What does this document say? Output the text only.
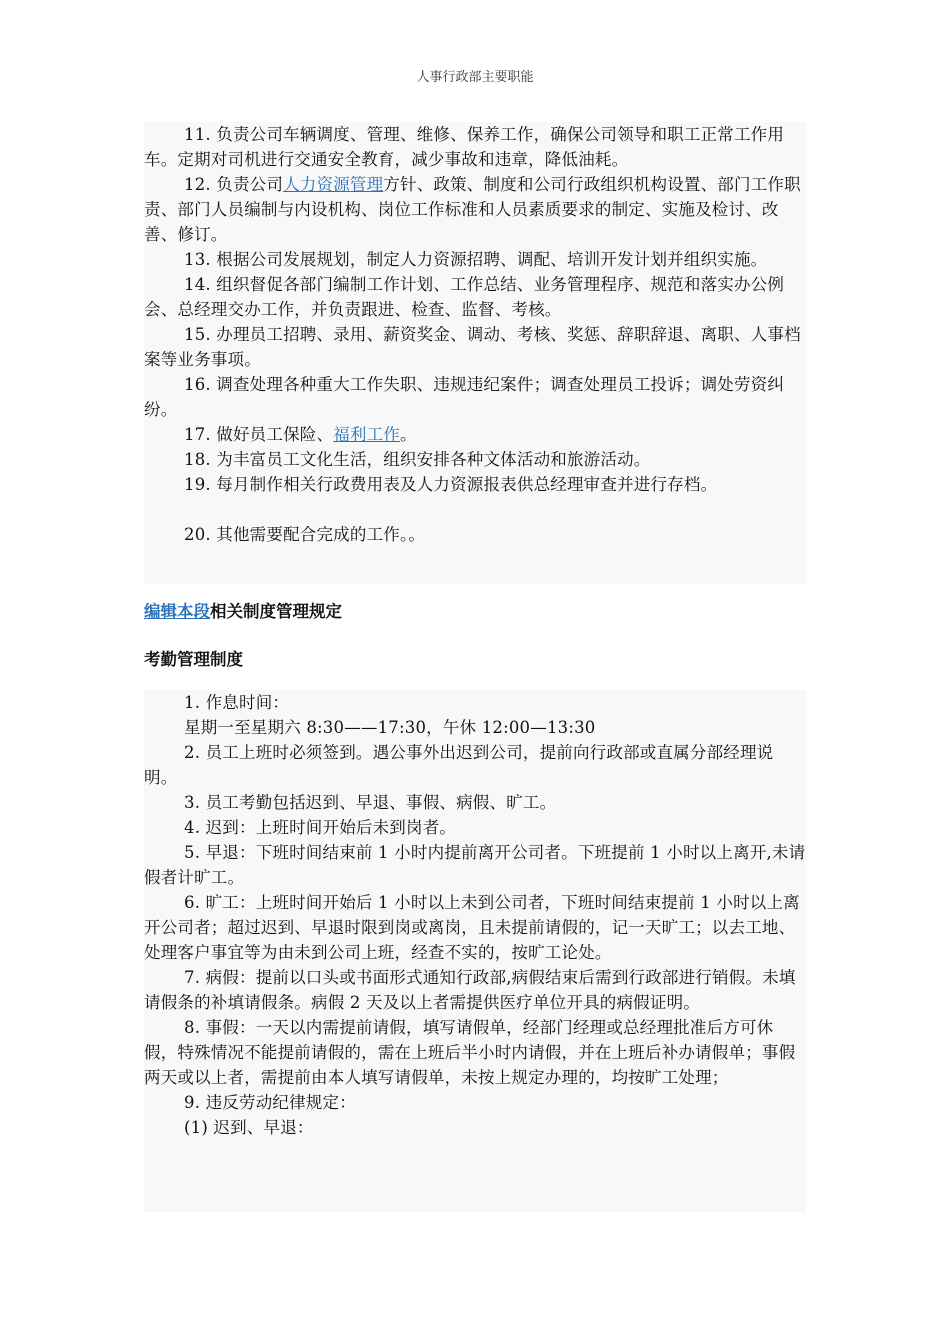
人事行政部主要职能

11. 负责公司车辆调度、管理、维修、保养工作，确保公司领导和职工正常工作用车。定期对司机进行交通安全教育，减少事故和违章，降低油耗。

12. 负责公司人力资源管理方针、政策、制度和公司行政组织机构设置、部门工作职责、部门人员编制与内设机构、岗位工作标准和人员素质要求的制定、实施及检讨、改善、修订。

13. 根据公司发展规划，制定人力资源招聘、调配、培训开发计划并组织实施。

14. 组织督促各部门编制工作计划、工作总结、业务管理程序、规范和落实办公例会、总经理交办工作，并负责跟进、检查、监督、考核。

15. 办理员工招聘、录用、薪资奖金、调动、考核、奖惩、辞职辞退、离职、人事档案等业务事项。

16. 调查处理各种重大工作失职、违规违纪案件；调查处理员工投诉；调处劳资纠纷。

17. 做好员工保险、福利工作。

18. 为丰富员工文化生活，组织安排各种文体活动和旅游活动。

19. 每月制作相关行政费用表及人力资源报表供总经理审查并进行存档。

20. 其他需要配合完成的工作。。

编辑本段相关制度管理规定
考勤管理制度

1. 作息时间：

星期一至星期六 8:30——17:30，午休 12:00—13:30

2. 员工上班时必须签到。遇公事外出迟到公司，提前向行政部或直属分部经理说明。

3. 员工考勤包括迟到、早退、事假、病假、旷工。

4. 迟到：上班时间开始后未到岗者。

5. 早退：下班时间结束前 1 小时内提前离开公司者。下班提前 1 小时以上离开,未请假者计旷工。

6. 旷工：上班时间开始后 1 小时以上未到公司者，下班时间结束提前 1 小时以上离开公司者；超过迟到、早退时限到岗或离岗，且未提前请假的，记一天旷工；以去工地、处理客户事宜等为由未到公司上班，经查不实的，按旷工论处。

7. 病假：提前以口头或书面形式通知行政部,病假结束后需到行政部进行销假。未填请假条的补填请假条。病假 2 天及以上者需提供医疗单位开具的病假证明。

8. 事假：一天以内需提前请假，填写请假单，经部门经理或总经理批准后方可休假，特殊情况不能提前请假的，需在上班后半小时内请假，并在上班后补办请假单；事假两天或以上者，需提前由本人填写请假单，未按上规定办理的，均按旷工处理；

9. 违反劳动纪律规定：

(1) 迟到、早退：
